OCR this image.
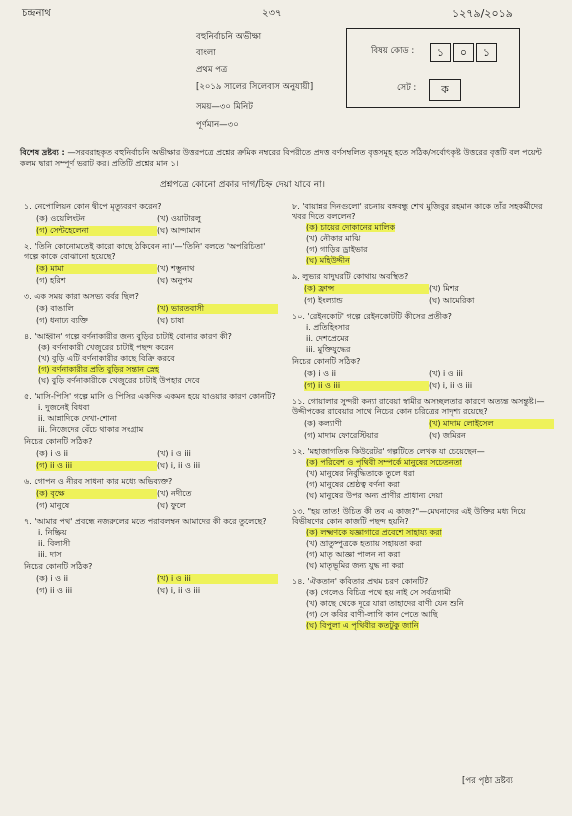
চন্দ্রনাথ	২৩৭	১২৭৯/২০১৯
বহুনির্বাচনি অভীক্ষা
বাংলা
প্রথম পত্র
[২০১৯ সালের সিলেবাস অনুযায়ী]
সময়—৩০ মিনিট
পূর্ণমান—৩০
বিষয় কোড :	১	০	১
সেট :	ক
বিশেষ দ্রষ্টব্য : —সরবরাহকৃত বহুনির্বাচনি অভীক্ষার উত্তরপত্রে প্রশ্নের ক্রমিক নম্বরের বিপরীতে প্রদত্ত বর্ণসম্বলিত বৃত্তসমূহ হতে সঠিক/সর্বোৎকৃষ্ট উত্তরের বৃত্তটি বল পয়েন্ট কলম দ্বারা সম্পূর্ণ ভরাট কর। প্রতিটি প্রশ্নের মান ১।
প্রশ্নপত্রে কোনো প্রকার দাগ/চিহ্ন দেয়া যাবে না।
১. নেপোলিয়ন কোন দ্বীপে মৃত্যুবরণ করেন?
(ক) ওয়েলিংটন	(খ) ওয়াটারলু
(গ) সেন্টহেলেনা	(ঘ) আন্দামান
২. 'তিনি কোনোমতেই কারো কাছে ঠকিবেন না।'—'তিনি' বলতে 'অপরিচিতা' গল্পে কাকে বোঝানো হয়েছে?
(ক) মামা	(খ) শম্ভুনাথ
(গ) হরিশ	(ঘ) অনুপম
৩. এক সময় কারা অসভ্য বর্বর ছিল?
(ক) বাঙালি	(খ) ভারতবাসী
(গ) ধনাঢ্য ব্যক্তি	(ঘ) চাষা
৪. 'আহ্বান' গল্পে বর্ণনাকারীর জন্য বুড়ির চাটাই বোনার কারণ কী?
(ক) বর্ণনাকারী খেজুরের চাটাই পছন্দ করেন
(খ) বুড়ি এটি বর্ণনাকারীর কাছে বিক্রি করবে
(গ) বর্ণনাকারীর প্রতি বুড়ির সন্তান স্নেহ
(ঘ) বুড়ি বর্ণনাকারীকে খেজুরের চাটাই উপহার দেবে
৫. 'মাসি-পিসি' গল্পে মাসি ও পিসির একদিক একমন হয়ে যাওয়ার কারণ কোনটি?
i. দুজনেই বিধবা
ii. আন্নাদিকে দেখা-শোনা
iii. নিজেদের বেঁচে থাকার সংগ্রাম
নিচের কোনটি সঠিক?
(ক) i ও ii	(খ) i ও iii
(গ) ii ও iii	(ঘ) i, ii ও iii
৬. গোপন ও নীরব সাধনা কার মধ্যে অভিব্যক্ত?
(ক) বৃক্ষে	(খ) নদীতে
(গ) মানুষে	(ঘ) ফুলে
৭. 'আমার পথ' প্রবন্ধে নজরুলের মতে পরাবলম্বন আমাদের কী করে তুলেছে?
i. নিষ্ক্রিয়
ii. বিলাসী
iii. দাস
নিচের কোনটি সঠিক?
(ক) i ও ii	(খ) i ও iii
(গ) ii ও iii	(ঘ) i, ii ও iii
৮. 'বায়ান্নর দিনগুলো' রচনায় বঙ্গবন্ধু শেখ মুজিবুর রহমান কাকে তাঁর সহকর্মীদের খবর দিতে বললেন?
(ক) চায়ের দোকানের মালিক
(খ) নৌকার মাঝি
(গ) গাড়ির ড্রাইভার
(ঘ) মহিউদ্দীন
৯. লুভ্যর যাদুঘরটি কোথায় অবস্থিত?
(ক) ফ্রান্স	(খ) মিশর
(গ) ইংল্যান্ড	(ঘ) আমেরিকা
১০. 'রেইনকোট' গল্পে রেইনকোটটি কীসের প্রতীক?
i. প্রতিহিংসার
ii. দেশপ্রেমের
iii. মুক্তিযুদ্ধের
নিচের কোনটি সঠিক?
(ক) i ও ii	(খ) i ও iii
(গ) ii ও iii	(ঘ) i, ii ও iii
১১. গোয়ালার সুন্দরী কন্যা রাবেয়া স্বামীর অসচ্ছলতার কারণে অত্যন্ত অসন্তুষ্ট।—উদ্দীপকের রাবেয়ার সাথে নিচের কোন চরিত্রের সাদৃশ্য রয়েছে?
(ক) কল্যাণী	(খ) মাদাম লোইসেল
(গ) মাদাম ফোরেস্টিয়ার	(ঘ) জমিরন
১২. 'মহাজাগতিক কিউরেটর' গল্পটিতে লেখক যা চেয়েছেন—
(ক) পরিবেশ ও পৃথিবী সম্পর্কে মানুষের সচেতনতা
(খ) মানুষের নির্বুদ্ধিতাকে তুলে ধরা
(গ) মানুষের শ্রেষ্ঠত্ব বর্ণনা করা
(ঘ) মানুষের উপর অন্য প্রাণীর প্রাধান্য দেয়া
১৩. "হয় তাত! উচিত কী তব এ কাজ?"—মেঘনাদের এই উক্তির মধ্য দিয়ে বিভীষণের কোন কাজটি পছন্দ হয়নি?
(ক) লক্ষ্মণকে যজ্ঞাগারে প্রবেশে সাহায্য করা
(খ) ভ্রাতুষ্পুত্রকে হত্যায় সহায়তা করা
(গ) মাতৃ আজ্ঞা পালন না করা
(ঘ) মাতৃভূমির জন্য যুদ্ধ না করা
১৪. 'ঐকতান' কবিতার প্রথম চরণ কোনটি?
(ক) গেলেও বিচিত্র পথে হয় নাই সে সর্বত্রগামী
(খ) কাছে থেকে দূরে যারা তাহাদের বাণী যেন শুনি
(গ) সে কবির বাণী-লাগি কান পেতে আছি
(ঘ) বিপুলা এ পৃথিবীর কতটুকু জানি
[পর পৃষ্ঠা দ্রষ্টব্য
